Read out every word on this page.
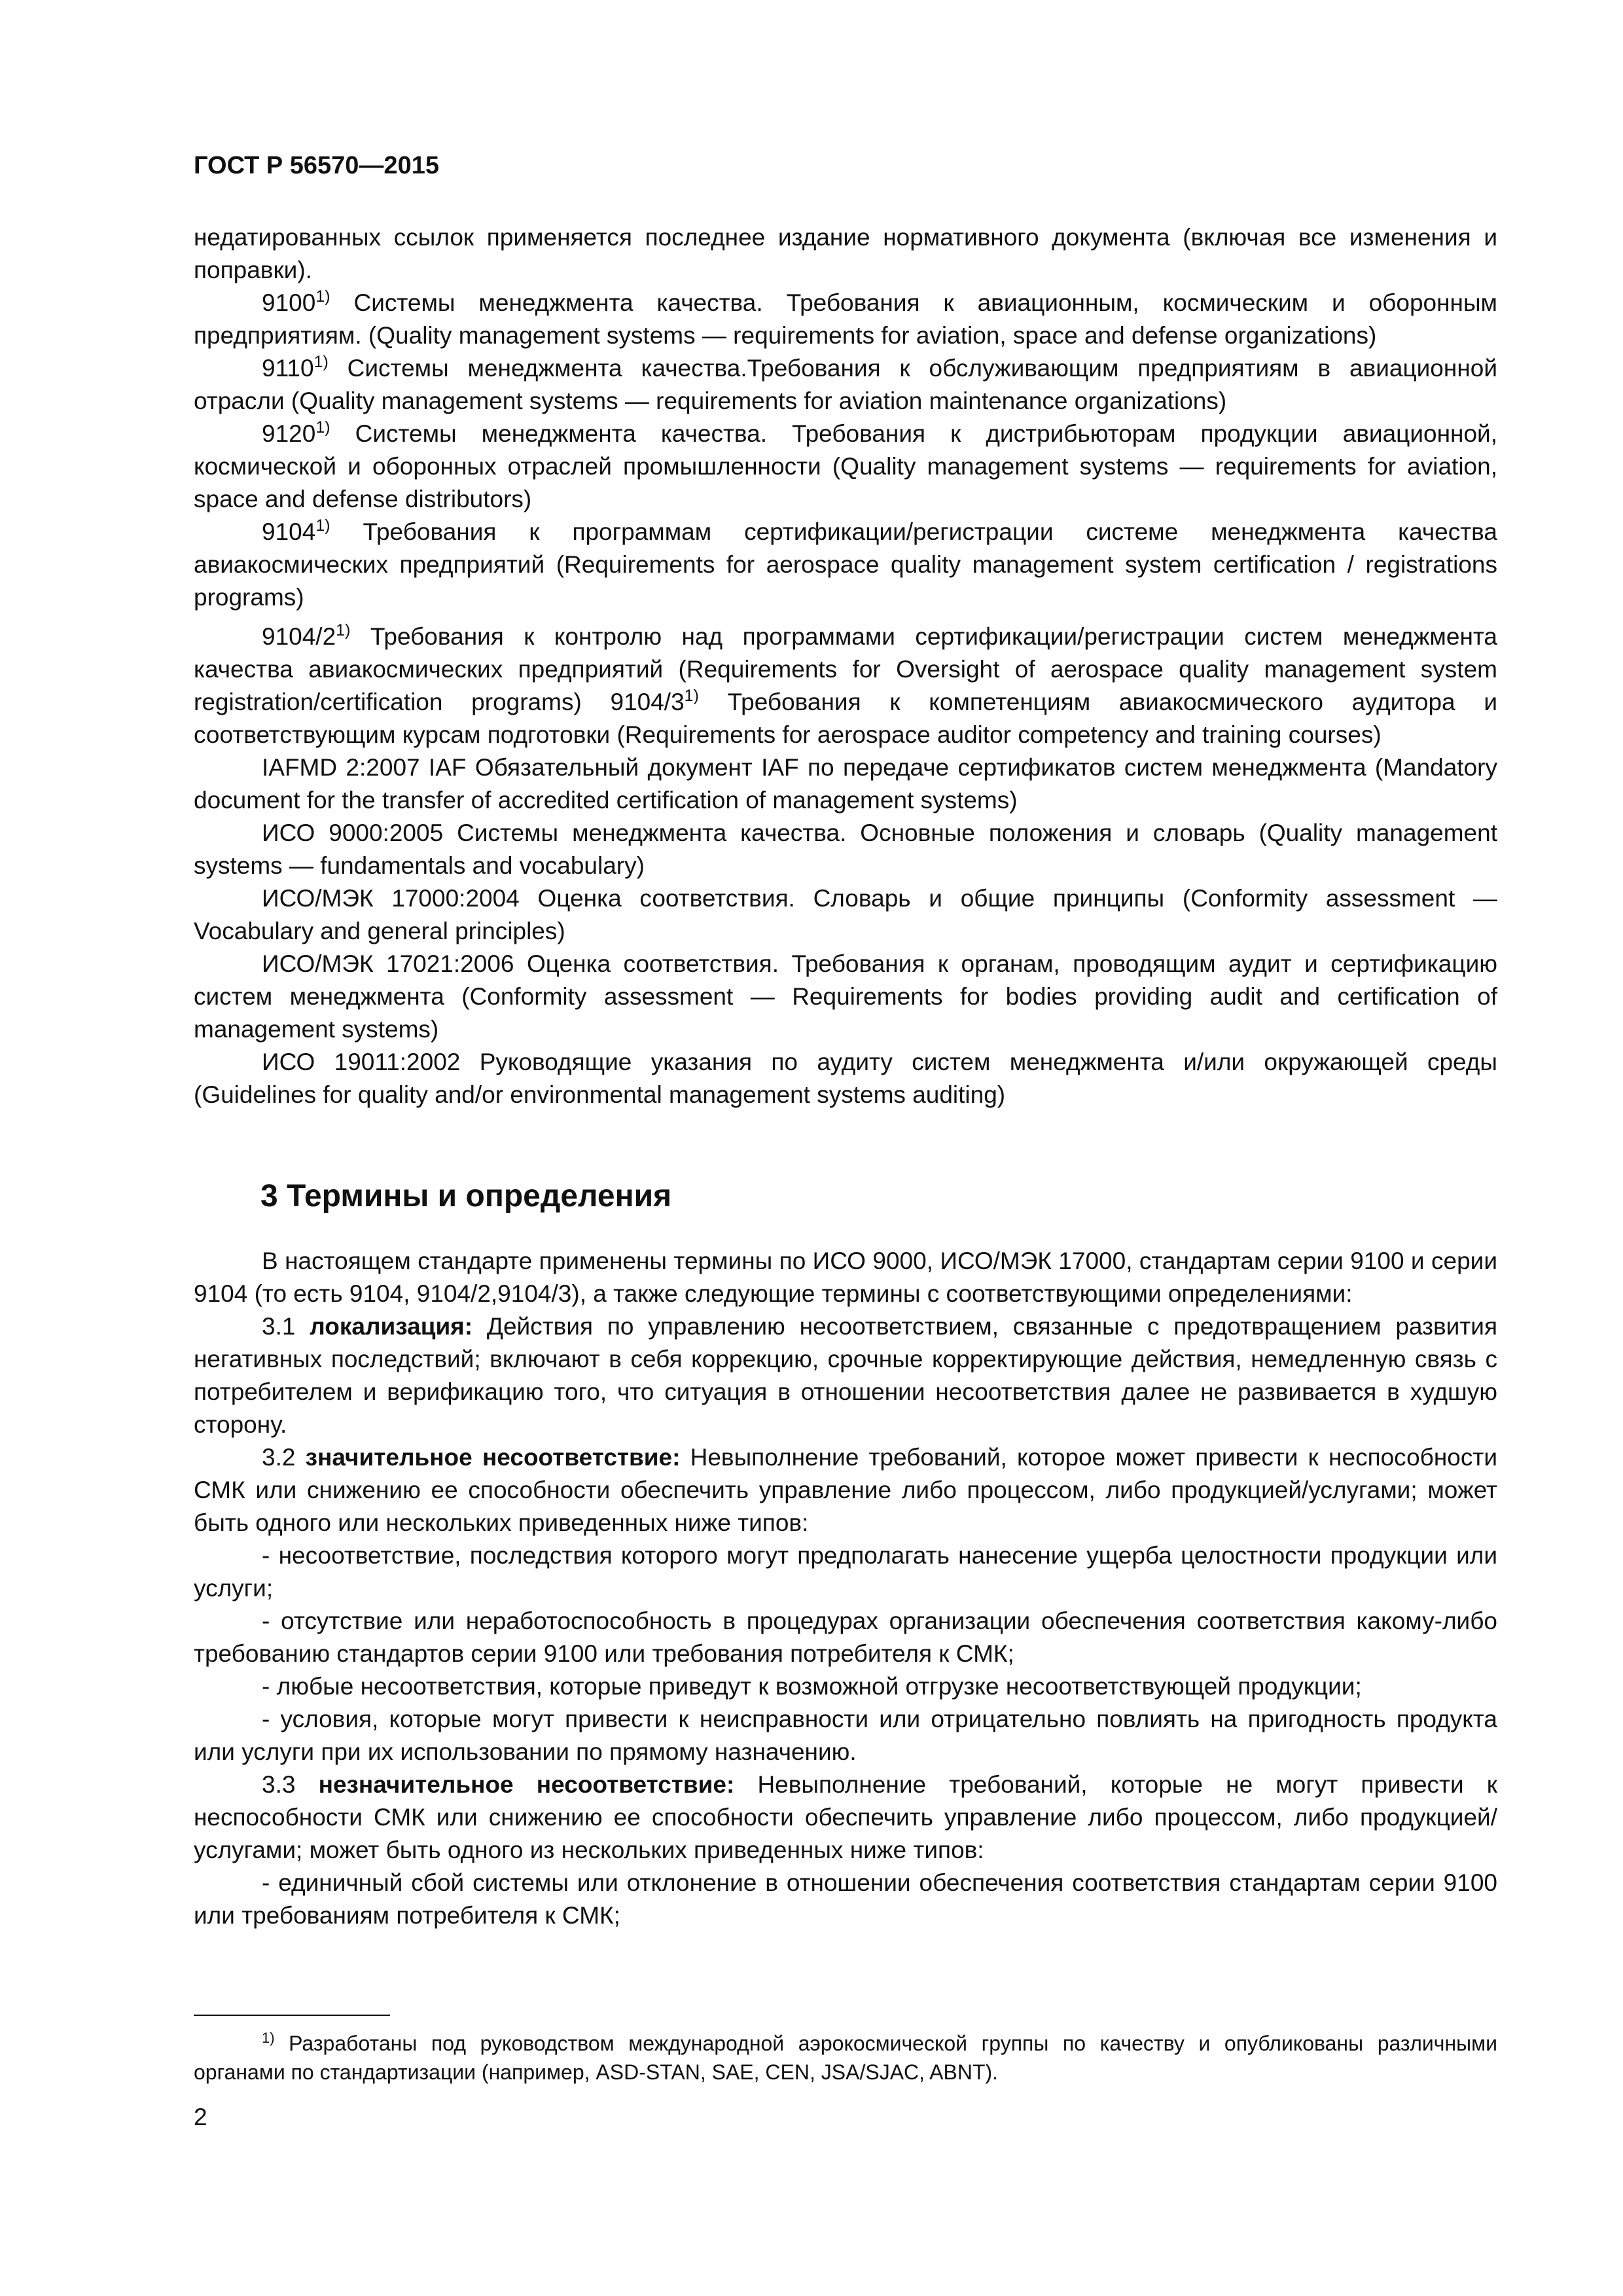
ГОСТ Р 56570—2015

недатированных ссылок применяется последнее издание нормативного документа (включая все изменения и поправки).

9100$^{1)}$ Системы менеджмента качества. Требования к авиационным, космическим и оборонным предприятиям. (Quality management systems — requirements for aviation, space and defense organizations)

9110$^{1)}$ Системы менеджмента качества.Требования к обслуживающим предприятиям в авиационной отрасли (Quality management systems — requirements for aviation maintenance organizations)

9120$^{1)}$ Системы менеджмента качества. Требования к дистрибьюторам продукции авиационной, космической и оборонных отраслей промышленности (Quality management systems — requirements for aviation, space and defense distributors)

9104$^{1)}$ Требования к программам сертификации/регистрации системе менеджмента качества авиакосмических предприятий (Requirements for aerospace quality management system certification / registrations programs)

9104/2$^{1)}$ Требования к контролю над программами сертификации/регистрации систем менеджмента качества авиакосмических предприятий (Requirements for Oversight of aerospace quality management system registration/certification programs) 9104/3$^{1)}$ Требования к компетенциям авиакосмического аудитора и соответствующим курсам подготовки (Requirements for aerospace auditor competency and training courses)

IAFMD 2:2007 IAF Обязательный документ IAF по передаче сертификатов систем менеджмента (Mandatory document for the transfer of accredited certification of management systems)

ИСО 9000:2005 Системы менеджмента качества. Основные положения и словарь (Quality management systems — fundamentals and vocabulary)

ИСО/МЭК 17000:2004 Оценка соответствия. Словарь и общие принципы (Conformity assessment — Vocabulary and general principles)

ИСО/МЭК 17021:2006 Оценка соответствия. Требования к органам, проводящим аудит и сертификацию систем менеджмента (Conformity assessment — Requirements for bodies providing audit and certification of management systems)

ИСО 19011:2002 Руководящие указания по аудиту систем менеджмента и/или окружающей среды (Guidelines for quality and/or environmental management systems auditing)

3 Термины и определения

В настоящем стандарте применены термины по ИСО 9000, ИСО/МЭК 17000, стандартам серии 9100 и серии 9104 (то есть 9104, 9104/2,9104/3), а также следующие термины с соответствующими определениями:

3.1 локализация: Действия по управлению несоответствием, связанные с предотвращением развития негативных последствий; включают в себя коррекцию, срочные корректирующие действия, немедленную связь с потребителем и верификацию того, что ситуация в отношении несоответствия далее не развивается в худшую сторону.

3.2 значительное несоответствие: Невыполнение требований, которое может привести к неспособности СМК или снижению ее способности обеспечить управление либо процессом, либо продукцией/услугами; может быть одного или нескольких приведенных ниже типов:

- несоответствие, последствия которого могут предполагать нанесение ущерба целостности продукции или услуги;

- отсутствие или неработоспособность в процедурах организации обеспечения соответствия какому-либо требованию стандартов серии 9100 или требования потребителя к СМК;

- любые несоответствия, которые приведут к возможной отгрузке несоответствующей продукции;

- условия, которые могут привести к неисправности или отрицательно повлиять на пригодность продукта или услуги при их использовании по прямому назначению.

3.3 незначительное несоответствие: Невыполнение требований, которые не могут привести к неспособности СМК или снижению ее способности обеспечить управление либо процессом, либо продукцией/услугами; может быть одного из нескольких приведенных ниже типов:

- единичный сбой системы или отклонение в отношении обеспечения соответствия стандартам серии 9100 или требованиям потребителя к СМК;

$^{1)}$ Разработаны под руководством международной аэрокосмической группы по качеству и опубликованы различными органами по стандартизации (например, ASD-STAN, SAE, CEN, JSA/SJAC, ABNT).
2
